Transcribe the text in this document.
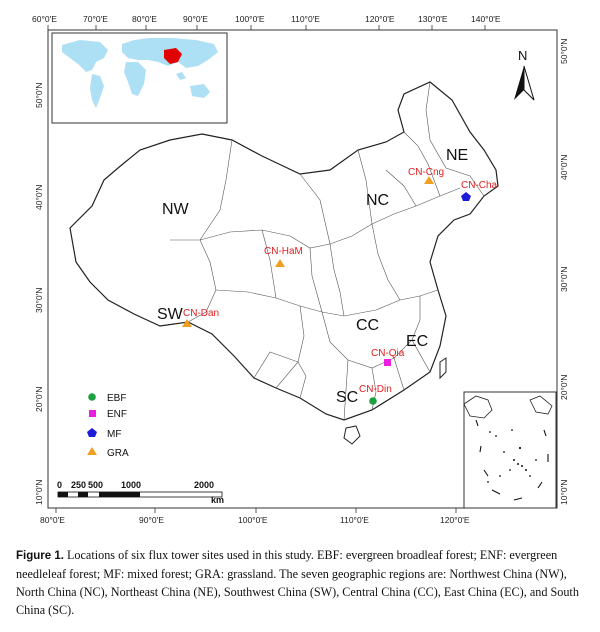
60°0'E	70°0'E	80°0'E	90°0'E	100°0'E	110°0'E	120°0'E	130°0'E	140°0'E
80°0'E	90°0'E	100°0'E	110°0'E	120°0'E
50°0'N
40°0'N
30°0'N
20°0'N
10°0'N
50°0'N
40°0'N
30°0'N
20°0'N
10°0'N
N
NW
NC
NE
SW
CC
EC
SC
CN-Cng
CN-Cha
CN-HaM
CN-Dan
CN-Qia
CN-Din
EBF
ENF
MF
GRA
0 250 500 1000	2000
km
Figure 1. Locations of six flux tower sites used in this study. EBF: evergreen broadleaf forest; ENF: evergreen needleleaf forest; MF: mixed forest; GRA: grassland. The seven geographic regions are: Northwest China (NW), North China (NC), Northeast China (NE), Southwest China (SW), Central China (CC), East China (EC), and South China (SC).
